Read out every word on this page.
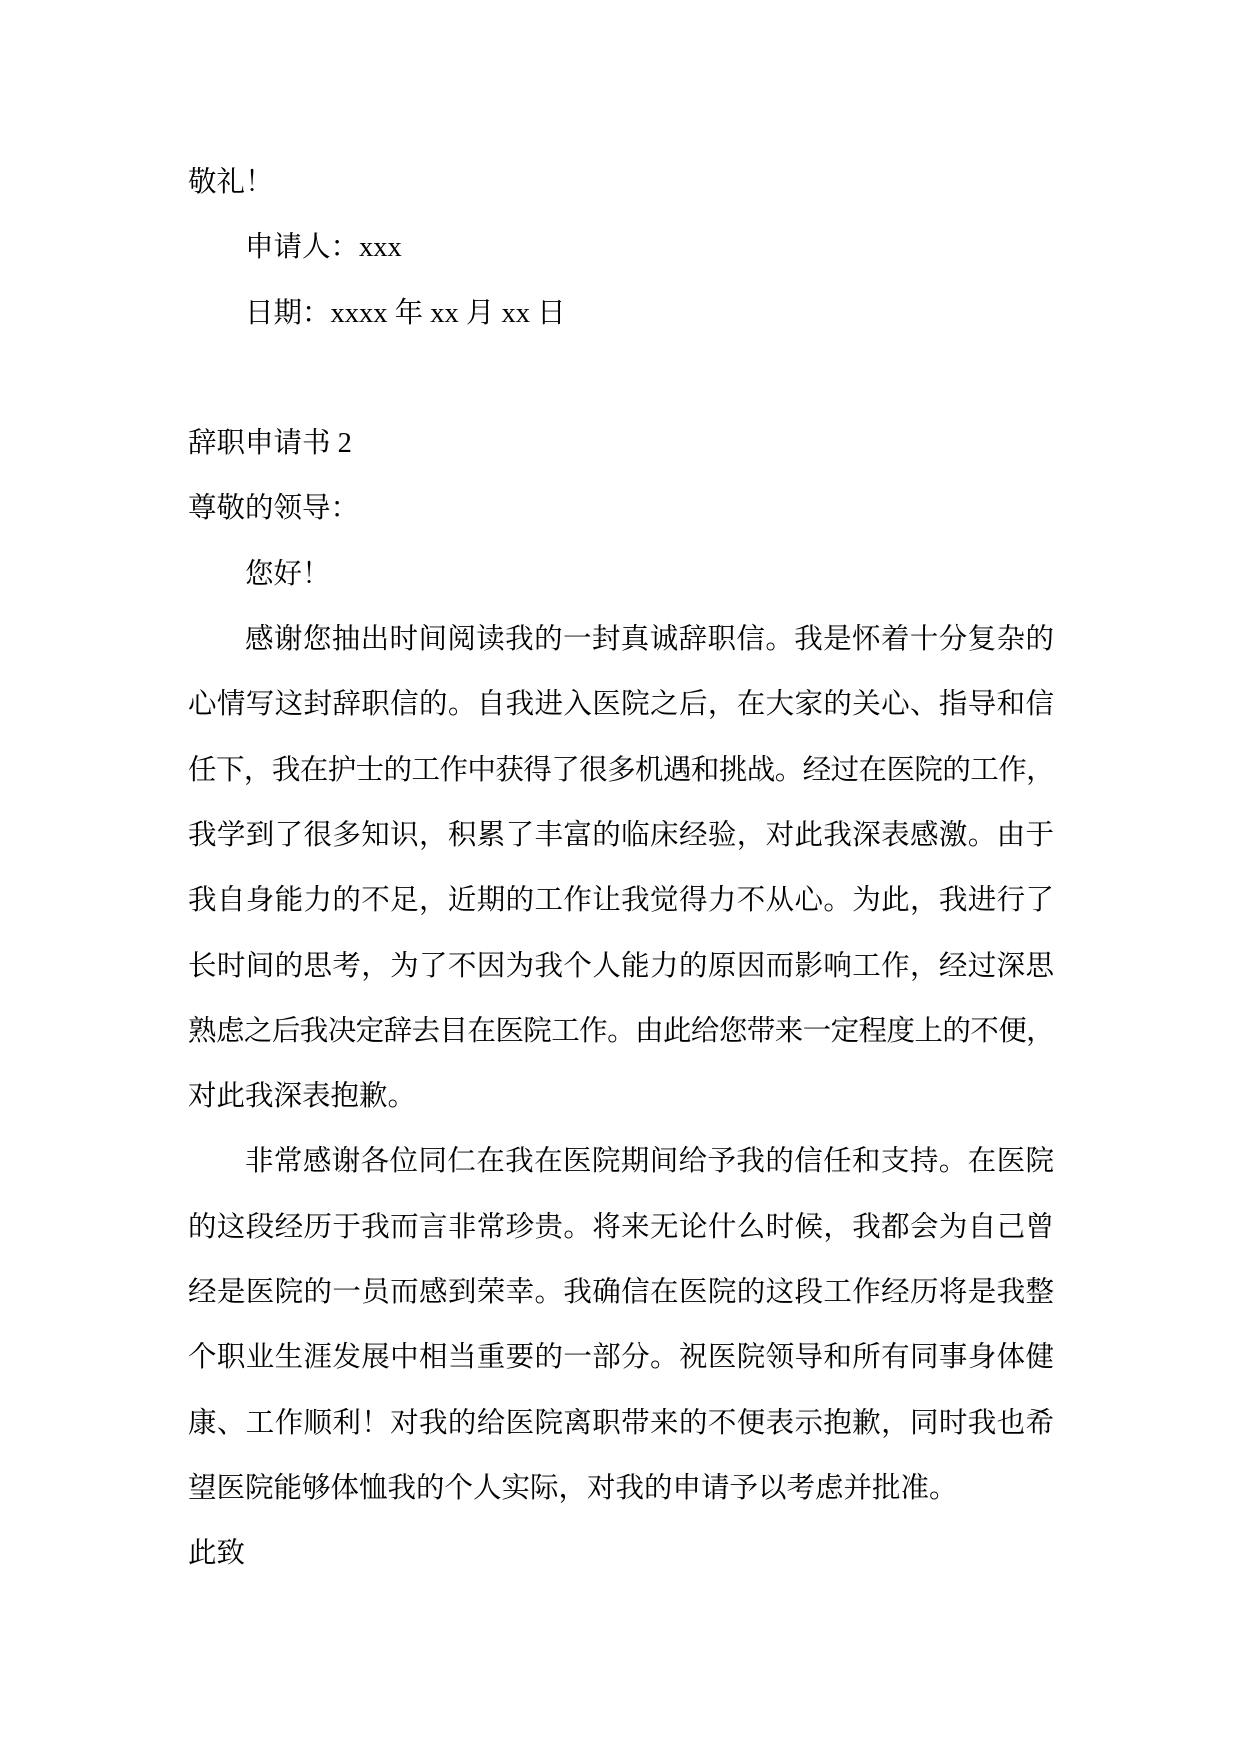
敬礼！
申请人：xxx
日期：xxxx 年 xx 月 xx 日
辞职申请书 2
尊敬的领导：
您好！
感谢您抽出时间阅读我的一封真诚辞职信。我是怀着十分复杂的
心情写这封辞职信的。自我进入医院之后，在大家的关心、指导和信
任下，我在护士的工作中获得了很多机遇和挑战。经过在医院的工作，
我学到了很多知识，积累了丰富的临床经验，对此我深表感激。由于
我自身能力的不足，近期的工作让我觉得力不从心。为此，我进行了
长时间的思考，为了不因为我个人能力的原因而影响工作，经过深思
熟虑之后我决定辞去目在医院工作。由此给您带来一定程度上的不便，
对此我深表抱歉。
非常感谢各位同仁在我在医院期间给予我的信任和支持。在医院
的这段经历于我而言非常珍贵。将来无论什么时候，我都会为自己曾
经是医院的一员而感到荣幸。我确信在医院的这段工作经历将是我整
个职业生涯发展中相当重要的一部分。祝医院领导和所有同事身体健
康、工作顺利！对我的给医院离职带来的不便表示抱歉，同时我也希
望医院能够体恤我的个人实际，对我的申请予以考虑并批准。
此致
